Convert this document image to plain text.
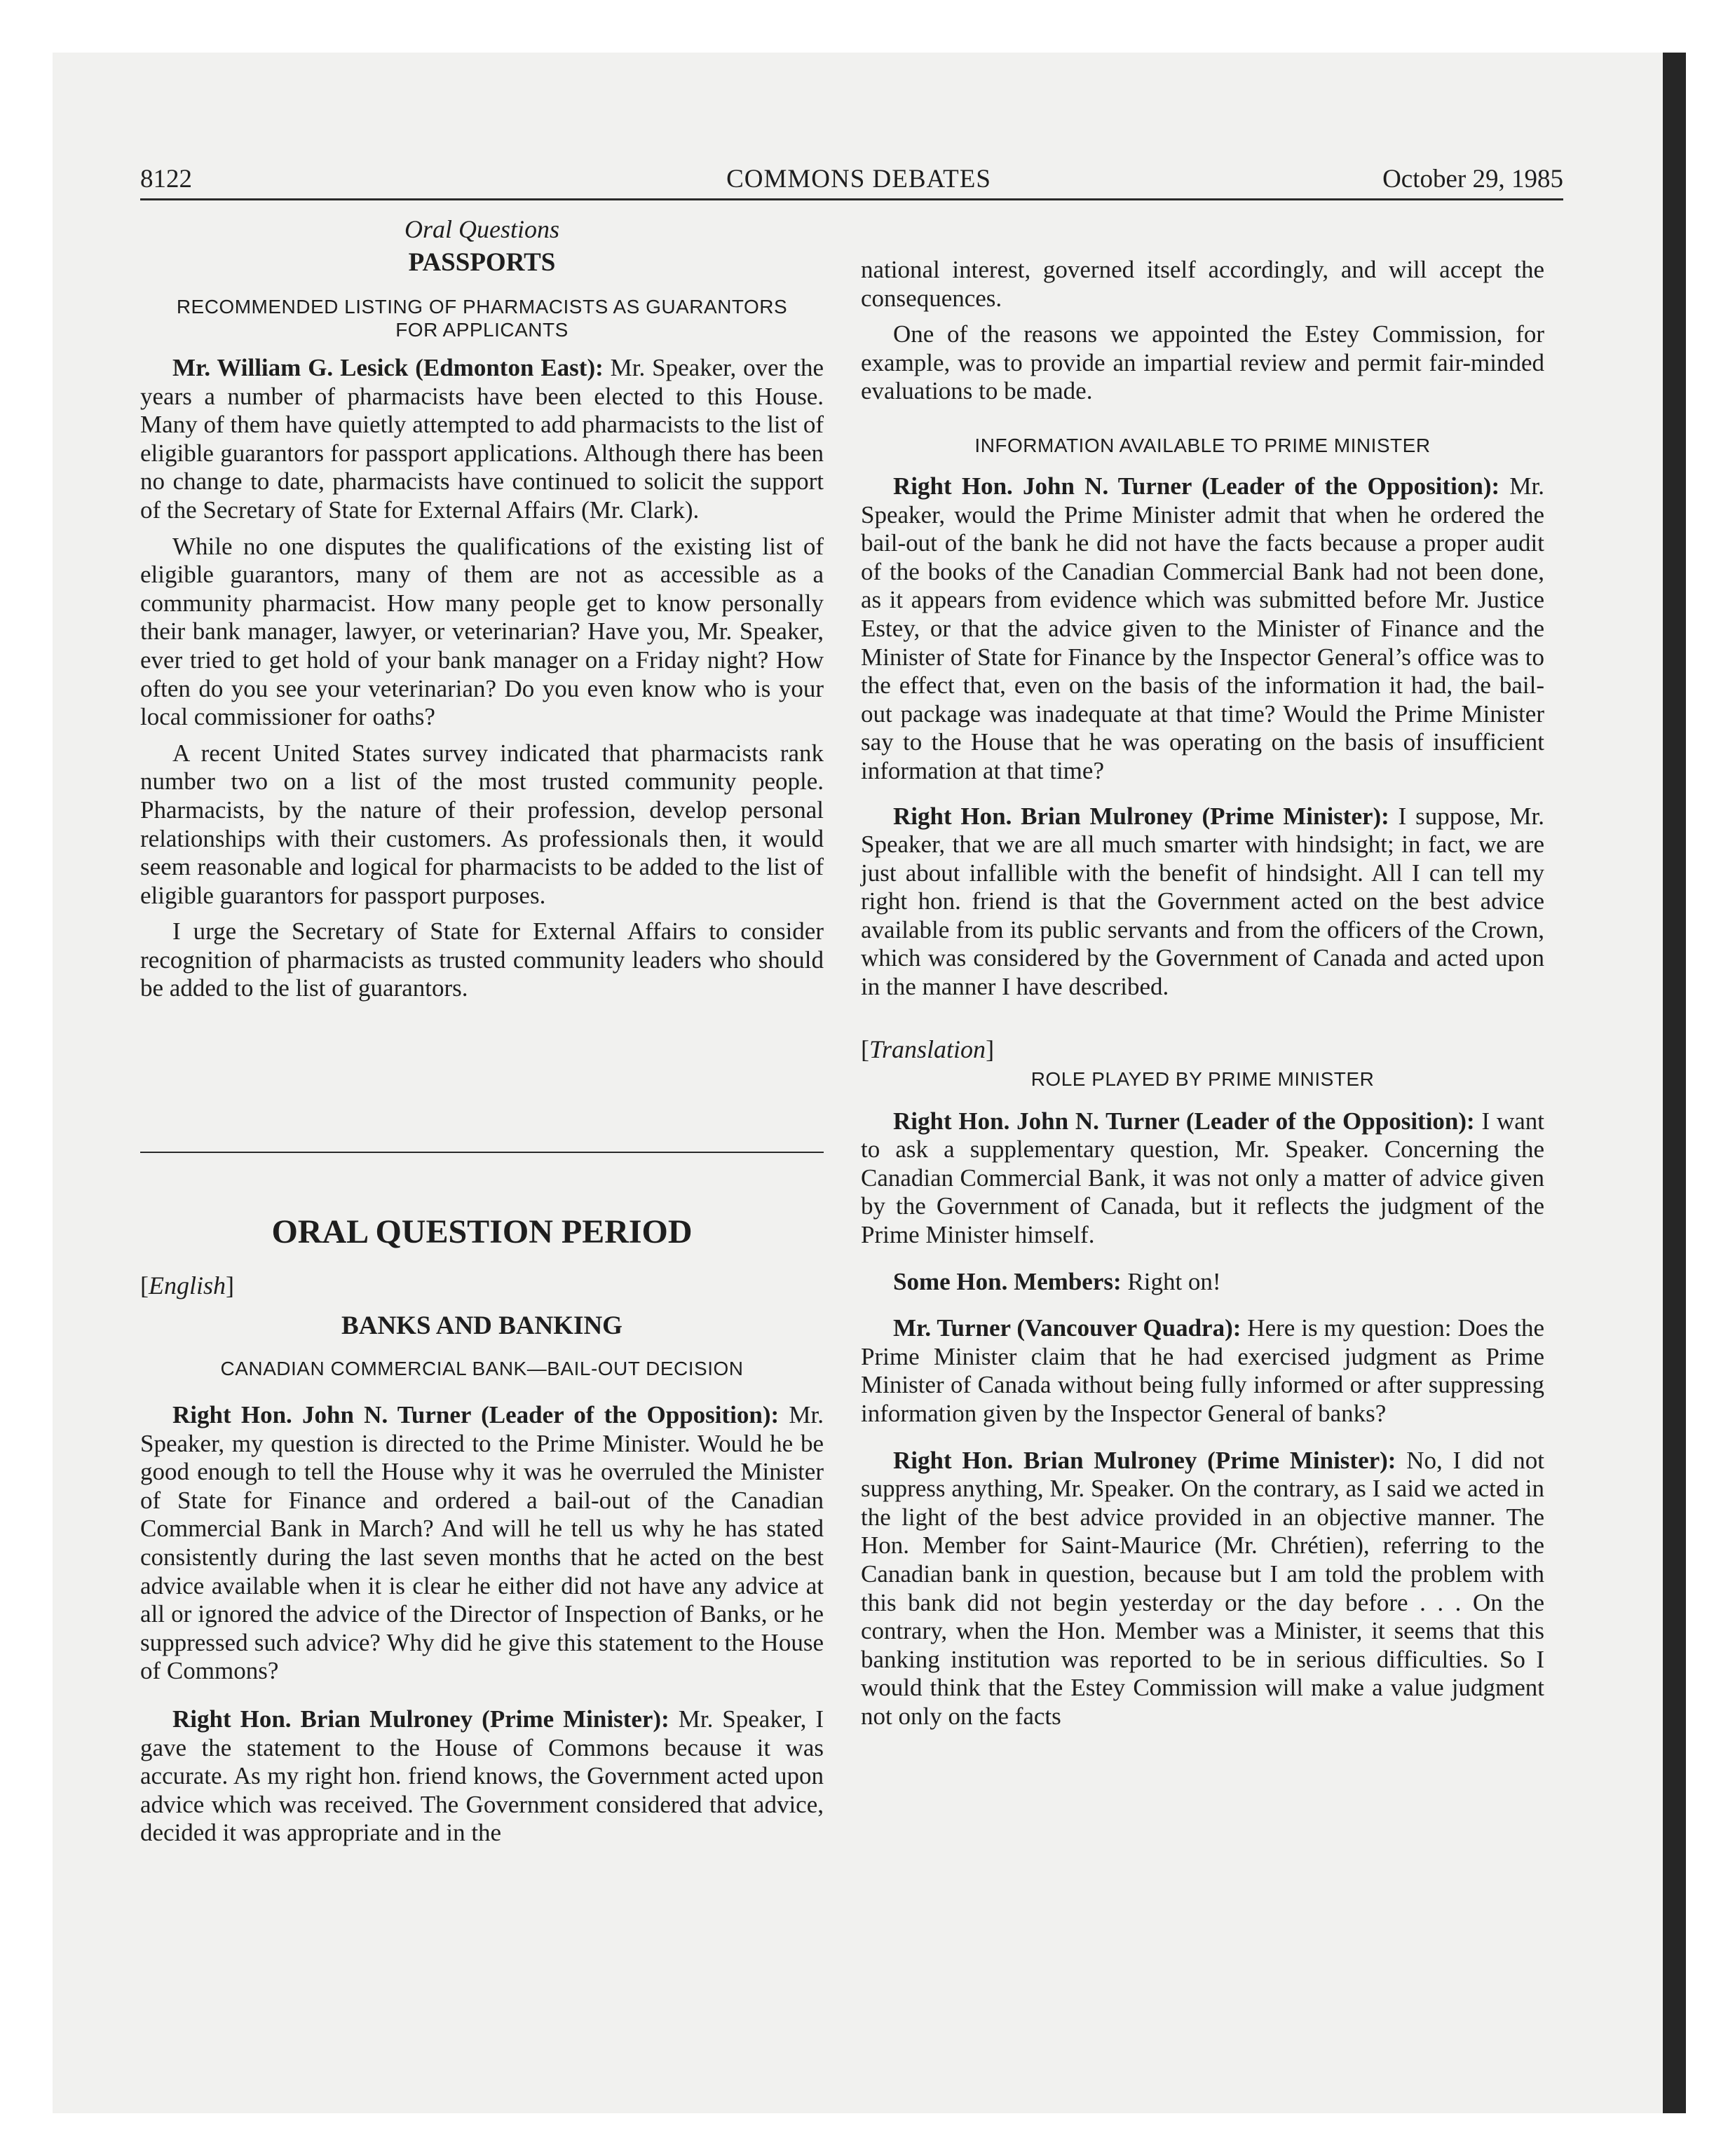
8122	COMMONS DEBATES	October 29, 1985
Oral Questions
PASSPORTS
RECOMMENDED LISTING OF PHARMACISTS AS GUARANTORS FOR APPLICANTS

Mr. William G. Lesick (Edmonton East): Mr. Speaker, over the years a number of pharmacists have been elected to this House. Many of them have quietly attempted to add pharmacists to the list of eligible guarantors for passport applications. Although there has been no change to date, pharmacists have continued to solicit the support of the Secretary of State for External Affairs (Mr. Clark).

While no one disputes the qualifications of the existing list of eligible guarantors, many of them are not as accessible as a community pharmacist. How many people get to know personally their bank manager, lawyer, or veterinarian? Have you, Mr. Speaker, ever tried to get hold of your bank manager on a Friday night? How often do you see your veterinarian? Do you even know who is your local commissioner for oaths?

A recent United States survey indicated that pharmacists rank number two on a list of the most trusted community people. Pharmacists, by the nature of their profession, develop personal relationships with their customers. As professionals then, it would seem reasonable and logical for pharmacists to be added to the list of eligible guarantors for passport purposes.

I urge the Secretary of State for External Affairs to consider recognition of pharmacists as trusted community leaders who should be added to the list of guarantors.

ORAL QUESTION PERIOD
[English]
BANKS AND BANKING
CANADIAN COMMERCIAL BANK—BAIL-OUT DECISION

Right Hon. John N. Turner (Leader of the Opposition): Mr. Speaker, my question is directed to the Prime Minister. Would he be good enough to tell the House why it was he overruled the Minister of State for Finance and ordered a bail-out of the Canadian Commercial Bank in March? And will he tell us why he has stated consistently during the last seven months that he acted on the best advice available when it is clear he either did not have any advice at all or ignored the advice of the Director of Inspection of Banks, or he suppressed such advice? Why did he give this statement to the House of Commons?

Right Hon. Brian Mulroney (Prime Minister): Mr. Speaker, I gave the statement to the House of Commons because it was accurate. As my right hon. friend knows, the Government acted upon advice which was received. The Government considered that advice, decided it was appropriate and in the

national interest, governed itself accordingly, and will accept the consequences.

One of the reasons we appointed the Estey Commission, for example, was to provide an impartial review and permit fair-minded evaluations to be made.

INFORMATION AVAILABLE TO PRIME MINISTER

Right Hon. John N. Turner (Leader of the Opposition): Mr. Speaker, would the Prime Minister admit that when he ordered the bail-out of the bank he did not have the facts because a proper audit of the books of the Canadian Commercial Bank had not been done, as it appears from evidence which was submitted before Mr. Justice Estey, or that the advice given to the Minister of Finance and the Minister of State for Finance by the Inspector General’s office was to the effect that, even on the basis of the information it had, the bail-out package was inadequate at that time? Would the Prime Minister say to the House that he was operating on the basis of insufficient information at that time?

Right Hon. Brian Mulroney (Prime Minister): I suppose, Mr. Speaker, that we are all much smarter with hindsight; in fact, we are just about infallible with the benefit of hindsight. All I can tell my right hon. friend is that the Government acted on the best advice available from its public servants and from the officers of the Crown, which was considered by the Government of Canada and acted upon in the manner I have described.

[Translation]
ROLE PLAYED BY PRIME MINISTER

Right Hon. John N. Turner (Leader of the Opposition): I want to ask a supplementary question, Mr. Speaker. Concerning the Canadian Commercial Bank, it was not only a matter of advice given by the Government of Canada, but it reflects the judgment of the Prime Minister himself.

Some Hon. Members: Right on!

Mr. Turner (Vancouver Quadra): Here is my question: Does the Prime Minister claim that he had exercised judgment as Prime Minister of Canada without being fully informed or after suppressing information given by the Inspector General of banks?

Right Hon. Brian Mulroney (Prime Minister): No, I did not suppress anything, Mr. Speaker. On the contrary, as I said we acted in the light of the best advice provided in an objective manner. The Hon. Member for Saint-Maurice (Mr. Chrétien), referring to the Canadian bank in question, because but I am told the problem with this bank did not begin yesterday or the day before . . . On the contrary, when the Hon. Member was a Minister, it seems that this banking institution was reported to be in serious difficulties. So I would think that the Estey Commission will make a value judgment not only on the facts
